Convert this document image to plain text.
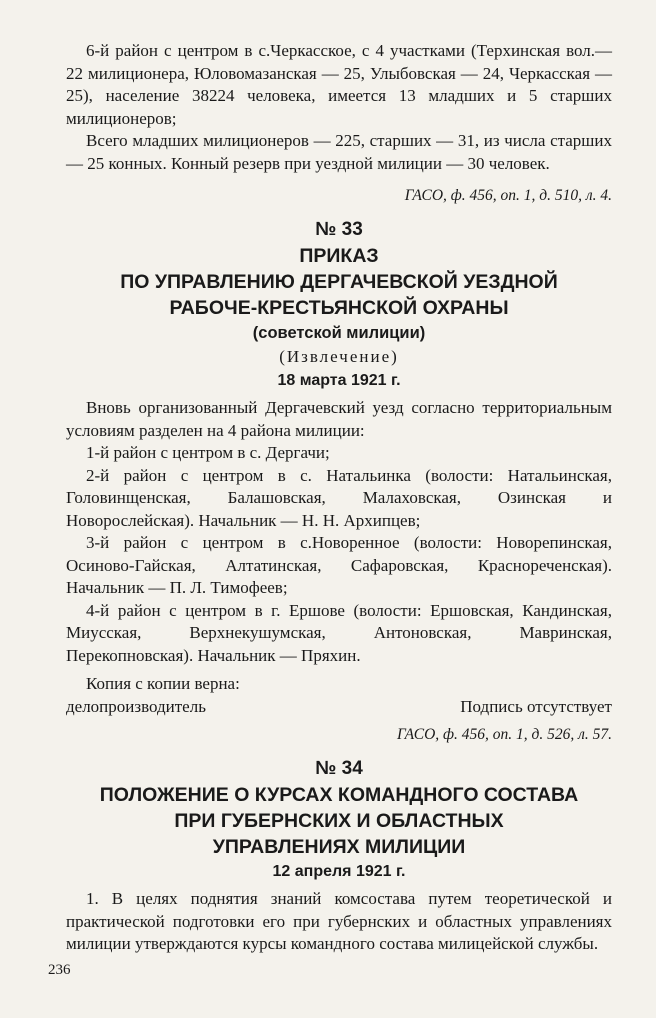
6-й район с центром в с.Черкасское, с 4 участками (Терхинская вол.— 22 милиционера, Юловомазанская — 25, Улыбовская — 24, Черкасская — 25), население 38224 человека, имеется 13 младших и 5 старших милиционеров;

Всего младших милиционеров — 225, старших — 31, из числа старших — 25 конных. Конный резерв при уездной милиции — 30 человек.

ГАСО, ф. 456, оп. 1, д. 510, л. 4.

№ 33

ПРИКАЗ

ПО УПРАВЛЕНИЮ ДЕРГАЧЕВСКОЙ УЕЗДНОЙ

РАБОЧЕ-КРЕСТЬЯНСКОЙ ОХРАНЫ

(советской милиции)

(Извлечение)

18 марта 1921 г.

Вновь организованный Дергачевский уезд согласно территориальным условиям разделен на 4 района милиции:

1-й район с центром в с. Дергачи;

2-й район с центром в с. Натальинка (волости: Натальинская, Головинщенская, Балашовская, Малаховская, Озинская и Новорослейская). Начальник — Н. Н. Архипцев;

3-й район с центром в с.Новоренное (волости: Новорепинская, Осиново-Гайская, Алтатинская, Сафаровская, Краснореченская). Начальник — П. Л. Тимофеев;

4-й район с центром в г. Ершове (волости: Ершовская, Кандинская, Миусская, Верхнекушумская, Антоновская, Мавринская, Перекопновская). Начальник — Пряхин.

Копия с копии верна:

делопроизводитель	Подпись отсутствует

ГАСО, ф. 456, оп. 1, д. 526, л. 57.

№ 34

ПОЛОЖЕНИЕ О КУРСАХ КОМАНДНОГО СОСТАВА

ПРИ ГУБЕРНСКИХ И ОБЛАСТНЫХ

УПРАВЛЕНИЯХ МИЛИЦИИ

12 апреля 1921 г.

1. В целях поднятия знаний комсостава путем теоретической и практической подготовки его при губернских и областных управлениях милиции утверждаются курсы командного состава милицейской службы.

236
